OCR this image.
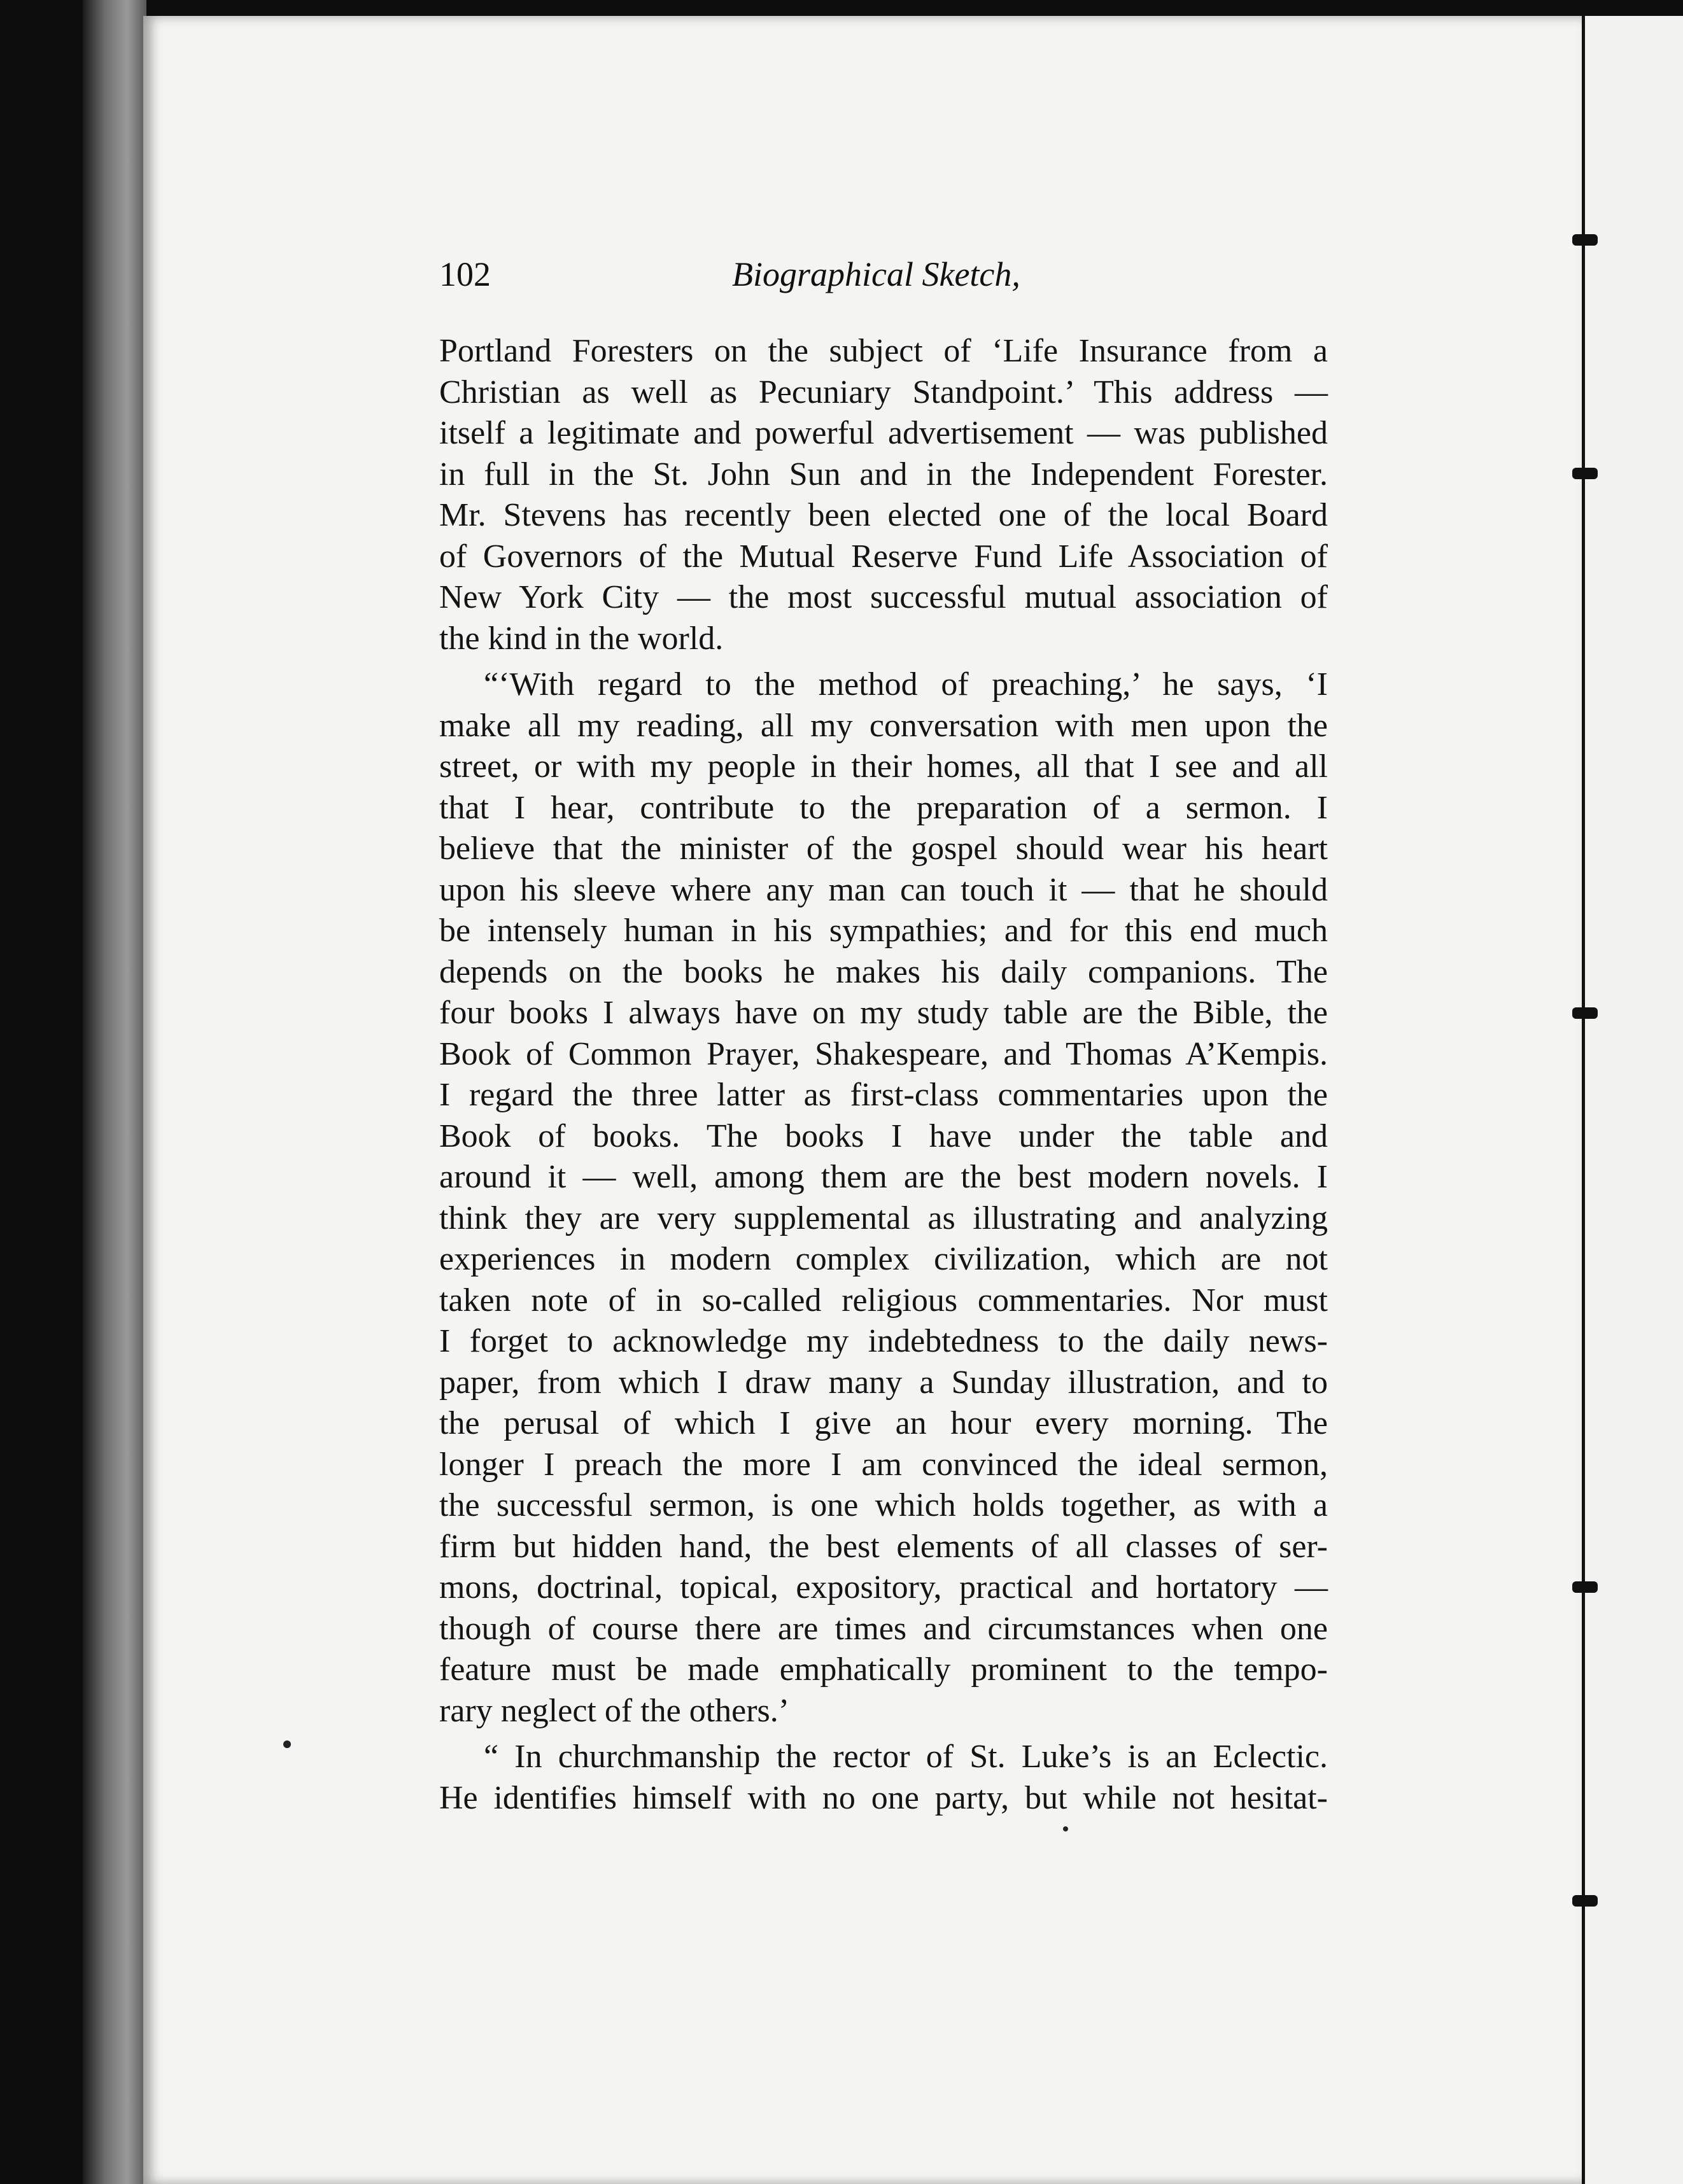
102	Biographical Sketch,

Portland Foresters on the subject of ‘Life Insurance from a
Christian as well as Pecuniary Standpoint.’ This address —
itself a legitimate and powerful advertisement — was published
in full in the St. John Sun and in the Independent Forester.
Mr. Stevens has recently been elected one of the local Board
of Governors of the Mutual Reserve Fund Life Association of
New York City — the most successful mutual association of
the kind in the world.

“‘With regard to the method of preaching,’ he says, ‘I
make all my reading, all my conversation with men upon the
street, or with my people in their homes, all that I see and all
that I hear, contribute to the preparation of a sermon. I
believe that the minister of the gospel should wear his heart
upon his sleeve where any man can touch it — that he should
be intensely human in his sympathies; and for this end much
depends on the books he makes his daily companions. The
four books I always have on my study table are the Bible, the
Book of Common Prayer, Shakespeare, and Thomas A’Kempis.
I regard the three latter as first-class commentaries upon the
Book of books. The books I have under the table and
around it — well, among them are the best modern novels. I
think they are very supplemental as illustrating and analyzing
experiences in modern complex civilization, which are not
taken note of in so-called religious commentaries. Nor must
I forget to acknowledge my indebtedness to the daily news-
paper, from which I draw many a Sunday illustration, and to
the perusal of which I give an hour every morning. The
longer I preach the more I am convinced the ideal sermon,
the successful sermon, is one which holds together, as with a
firm but hidden hand, the best elements of all classes of ser-
mons, doctrinal, topical, expository, practical and hortatory —
though of course there are times and circumstances when one
feature must be made emphatically prominent to the tempo-
rary neglect of the others.’

“ In churchmanship the rector of St. Luke’s is an Eclectic.
He identifies himself with no one party, but while not hesitat-
